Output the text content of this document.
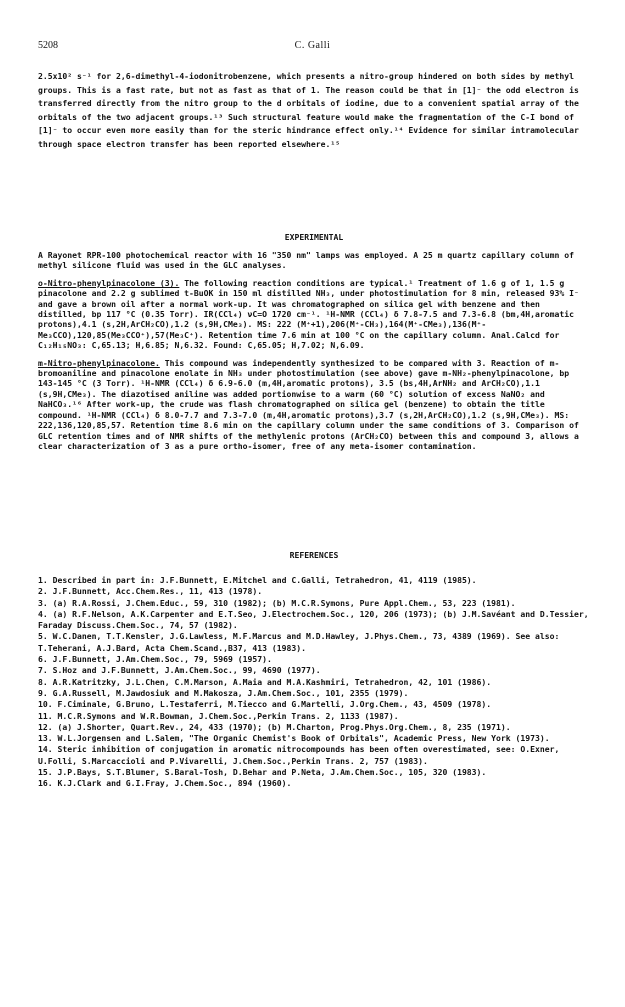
5208	C. Galli

2.5x10² s⁻¹ for 2,6-dimethyl-4-iodonitrobenzene, which presents a nitro-group hindered on both sides by methyl groups. This is a fast rate, but not as fast as that of 1. The reason could be that in [1]⁻ the odd electron is transferred directly from the nitro group to the d orbitals of iodine, due to a convenient spatial array of the orbitals of the two adjacent groups.¹³ Such structural feature would make the fragmentation of the C-I bond of [1]⁻ to occur even more easily than for the steric hindrance effect only.¹⁴ Evidence for similar intramolecular through space electron transfer has been reported elsewhere.¹⁵

EXPERIMENTAL

A Rayonet RPR-100 photochemical reactor with 16 "350 nm" lamps was employed. A 25 m quartz capillary column of methyl silicone fluid was used in the GLC analyses.

o-Nitro-phenylpinacolone (3). The following reaction conditions are typical.¹ Treatment of 1.6 g of 1, 1.5 g pinacolone and 2.2 g sublimed t-BuOK in 150 ml distilled NH₃, under photostimulation for 8 min, released 93% I⁻ and gave a brown oil after a normal work-up. It was chromatographed on silica gel with benzene and then distilled, bp 117 °C (0.35 Torr). IR(CCl₄) νC=O 1720 cm⁻¹. ¹H-NMR (CCl₄) δ 7.8-7.5 and 7.3-6.8 (bm,4H,aromatic protons),4.1 (s,2H,ArCH₂CO),1.2 (s,9H,CMe₃). MS: 222 (M⁺+1),206(M⁺-CH₃),164(M⁺-CMe₃),136(M⁺-Me₃CCO),120,85(Me₃CCO⁺),57(Me₃C⁺). Retention time 7.6 min at 100 °C on the capillary column. Anal.Calcd for C₁₂H₁₅NO₃: C,65.13; H,6.85; N,6.32. Found: C,65.05; H,7.02; N,6.09.

m-Nitro-phenylpinacolone. This compound was independently synthesized to be compared with 3. Reaction of m-bromoaniline and pinacolone enolate in NH₃ under photostimulation (see above) gave m-NH₂-phenylpinacolone, bp 143-145 °C (3 Torr). ¹H-NMR (CCl₄) δ 6.9-6.0 (m,4H,aromatic protons), 3.5 (bs,4H,ArNH₂ and ArCH₂CO),1.1 (s,9H,CMe₃). The diazotised aniline was added portionwise to a warm (60 °C) solution of excess NaNO₂ and NaHCO₃.¹⁶ After work-up, the crude was flash chromatographed on silica gel (benzene) to obtain the title compound. ¹H-NMR (CCl₄) δ 8.0-7.7 and 7.3-7.0 (m,4H,aromatic protons),3.7 (s,2H,ArCH₂CO),1.2 (s,9H,CMe₃). MS: 222,136,120,85,57. Retention time 8.6 min on the capillary column under the same conditions of 3. Comparison of GLC retention times and of NMR shifts of the methylenic protons (ArCH₂CO) between this and compound 3, allows a clear characterization of 3 as a pure ortho-isomer, free of any meta-isomer contamination.

REFERENCES
1. Described in part in: J.F.Bunnett, E.Mitchel and C.Galli, Tetrahedron, 41, 4119 (1985).
2. J.F.Bunnett, Acc.Chem.Res., 11, 413 (1978).
3. (a) R.A.Rossi, J.Chem.Educ., 59, 310 (1982); (b) M.C.R.Symons, Pure Appl.Chem., 53, 223 (1981).
4. (a) R.F.Nelson, A.K.Carpenter and E.T.Seo, J.Electrochem.Soc., 120, 206 (1973); (b) J.M.Savéant and D.Tessier, Faraday Discuss.Chem.Soc., 74, 57 (1982).
5. W.C.Danen, T.T.Kensler, J.G.Lawless, M.F.Marcus and M.D.Hawley, J.Phys.Chem., 73, 4389 (1969). See also: T.Teherani, A.J.Bard, Acta Chem.Scand.,B37, 413 (1983).
6. J.F.Bunnett, J.Am.Chem.Soc., 79, 5969 (1957).
7. S.Hoz and J.F.Bunnett, J.Am.Chem.Soc., 99, 4690 (1977).
8. A.R.Katritzky, J.L.Chen, C.M.Marson, A.Maia and M.A.Kashmiri, Tetrahedron, 42, 101 (1986).
9. G.A.Russell, M.Jawdosiuk and M.Makosza, J.Am.Chem.Soc., 101, 2355 (1979).
10. F.Ciminale, G.Bruno, L.Testaferri, M.Tiecco and G.Martelli, J.Org.Chem., 43, 4509 (1978).
11. M.C.R.Symons and W.R.Bowman, J.Chem.Soc.,Perkin Trans. 2, 1133 (1987).
12. (a) J.Shorter, Quart.Rev., 24, 433 (1970); (b) M.Charton, Prog.Phys.Org.Chem., 8, 235 (1971).
13. W.L.Jorgensen and L.Salem, "The Organic Chemist's Book of Orbitals", Academic Press, New York (1973).
14. Steric inhibition of conjugation in aromatic nitrocompounds has been often overestimated, see: O.Exner, U.Folli, S.Marcaccioli and P.Vivarelli, J.Chem.Soc.,Perkin Trans. 2, 757 (1983).
15. J.P.Bays, S.T.Blumer, S.Baral-Tosh, D.Behar and P.Neta, J.Am.Chem.Soc., 105, 320 (1983).
16. K.J.Clark and G.I.Fray, J.Chem.Soc., 894 (1960).
